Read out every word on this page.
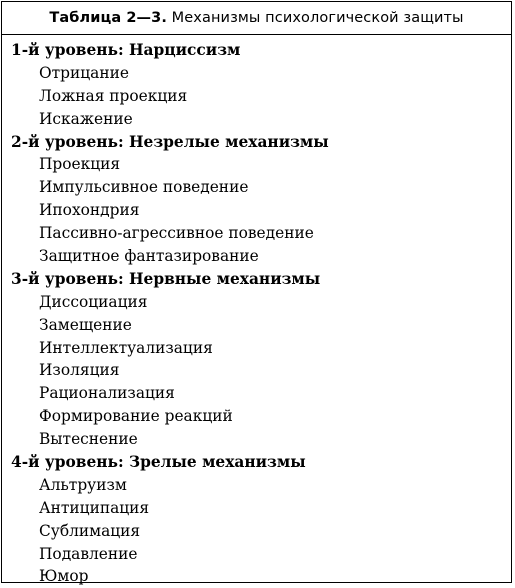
Таблица 2—3.
Механизмы психологической защиты
1-й уровень: Нарциссизм
Отрицание
Ложная проекция
Искажение
2-й уровень: Незрелые механизмы
Проекция
Импульсивное поведение
Ипохондрия
Пассивно-агрессивное поведение
Защитное фантазирование
3-й уровень: Нервные механизмы
Диссоциация
Замещение
Интеллектуализация
Изоляция
Рационализация
Формирование реакций
Вытеснение
4-й уровень: Зрелые механизмы
Альтруизм
Антиципация
Сублимация
Подавление
Юмор
